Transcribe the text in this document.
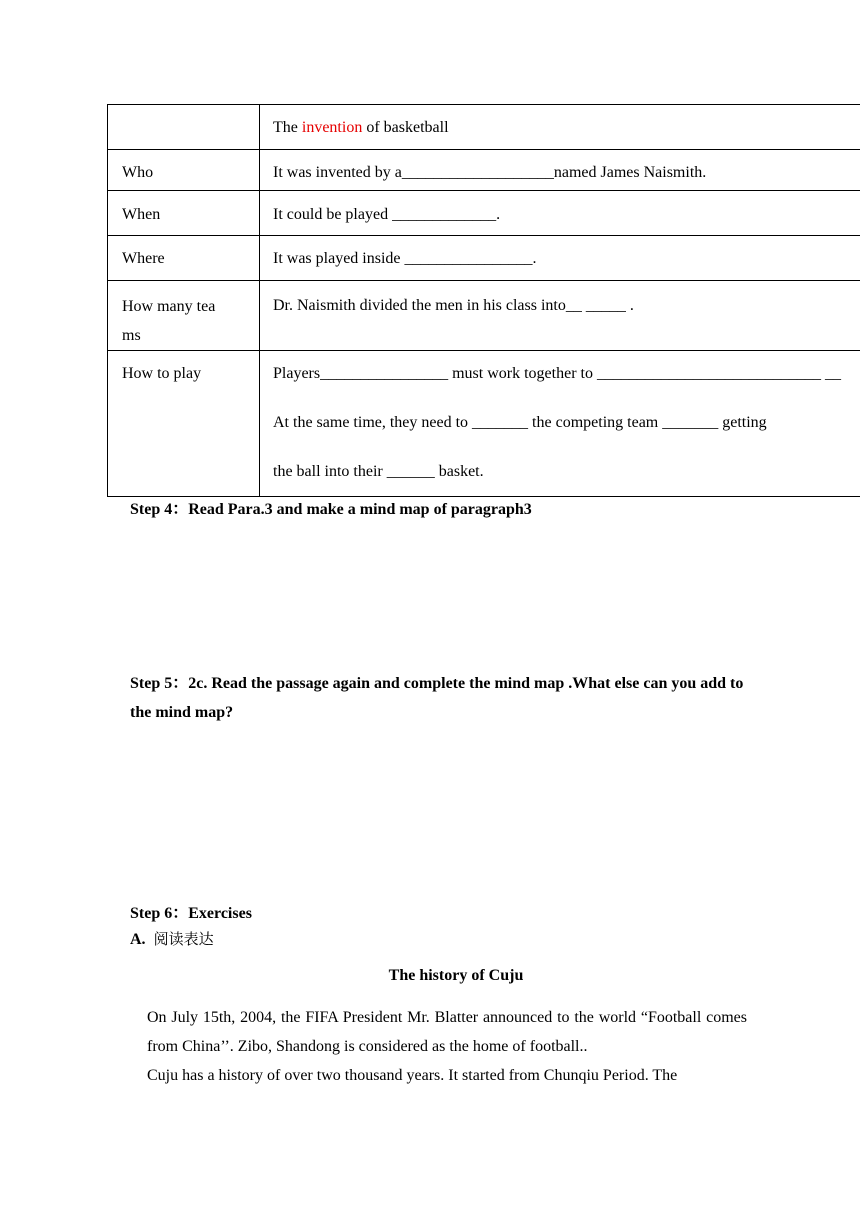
	The invention of basketball

Who	It was invented by a___________________named James Naismith.

When	It could be played _____________.

Where	It was played inside ________________.

How many tea
ms	Dr. Naismith divided the men in his class into__ _____ .

How to play	Players________________ must work together to ____________________________ __
At the same time, they need to _______ the competing team _______ getting
the ball into their ______ basket.
Step 4：Read Para.3 and make a mind map of paragraph3
Step 5：2c. Read the passage again and complete the mind map .What else can you add to the mind map?
Step 6：Exercises
A. 阅读表达
The history of Cuju
On July 15th, 2004, the FIFA President Mr. Blatter announced to the world “Football comes from China’’. Zibo, Shandong is considered as the home of football..
Cuju has a history of over two thousand years. It started from Chunqiu Period. The
